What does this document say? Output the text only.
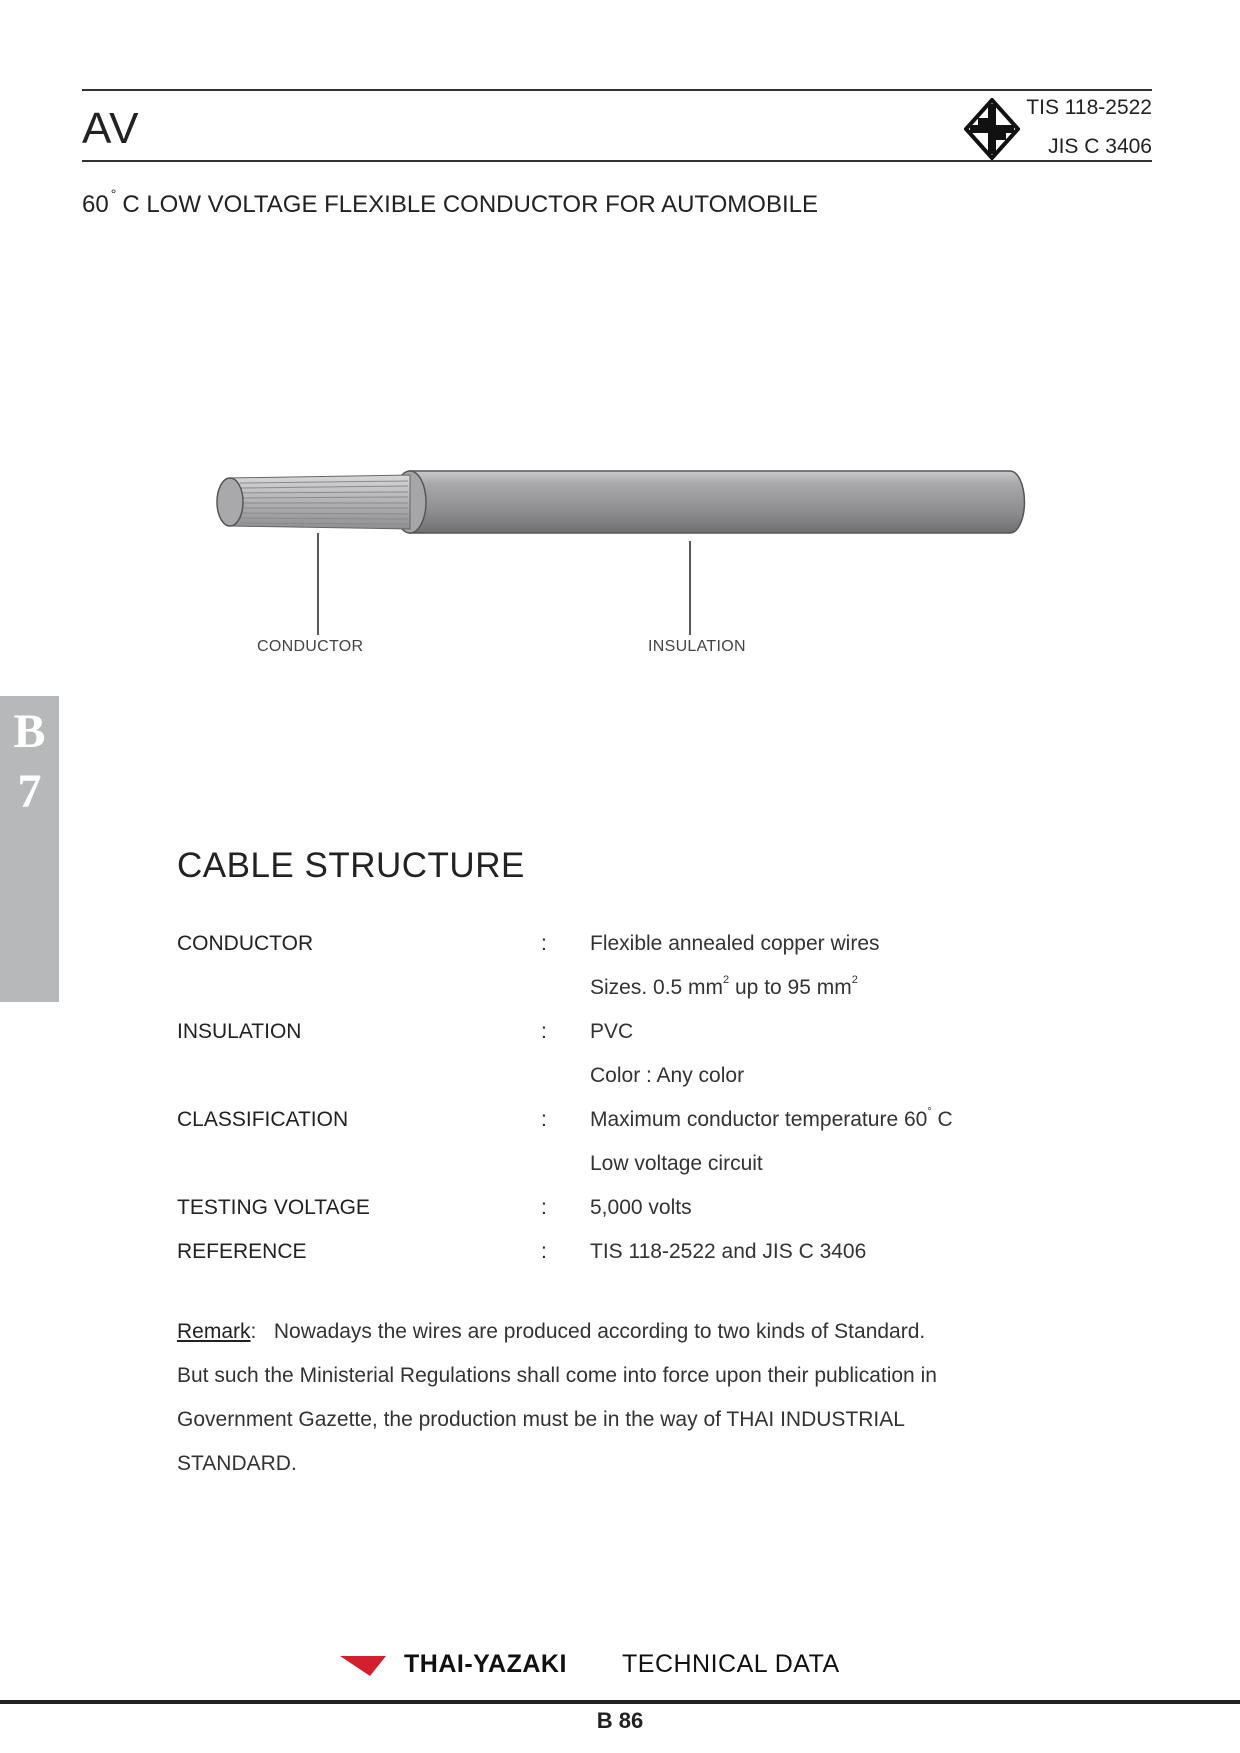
AV	TIS 118-2522
JIS C 3406
60 ° C LOW VOLTAGE FLEXIBLE CONDUCTOR FOR AUTOMOBILE
CONDUCTOR	INSULATION
B
7
CABLE STRUCTURE
CONDUCTOR	: Flexible annealed copper wires
Sizes. 0.5 $mm^2$ up to 95 $mm^2$
INSULATION	: PVC
Color : Any color
CLASSIFICATION	: Maximum conductor temperature 60° C
Low voltage circuit
TESTING VOLTAGE	: 5,000 volts
REFERENCE	: TIS 118-2522 and JIS C 3406
Remark: Nowadays the wires are produced according to two kinds of Standard. But such the Ministerial Regulations shall come into force upon their publication in Government Gazette, the production must be in the way of THAI INDUSTRIAL STANDARD.
THAI-YAZAKI TECHNICAL DATA
B 86
